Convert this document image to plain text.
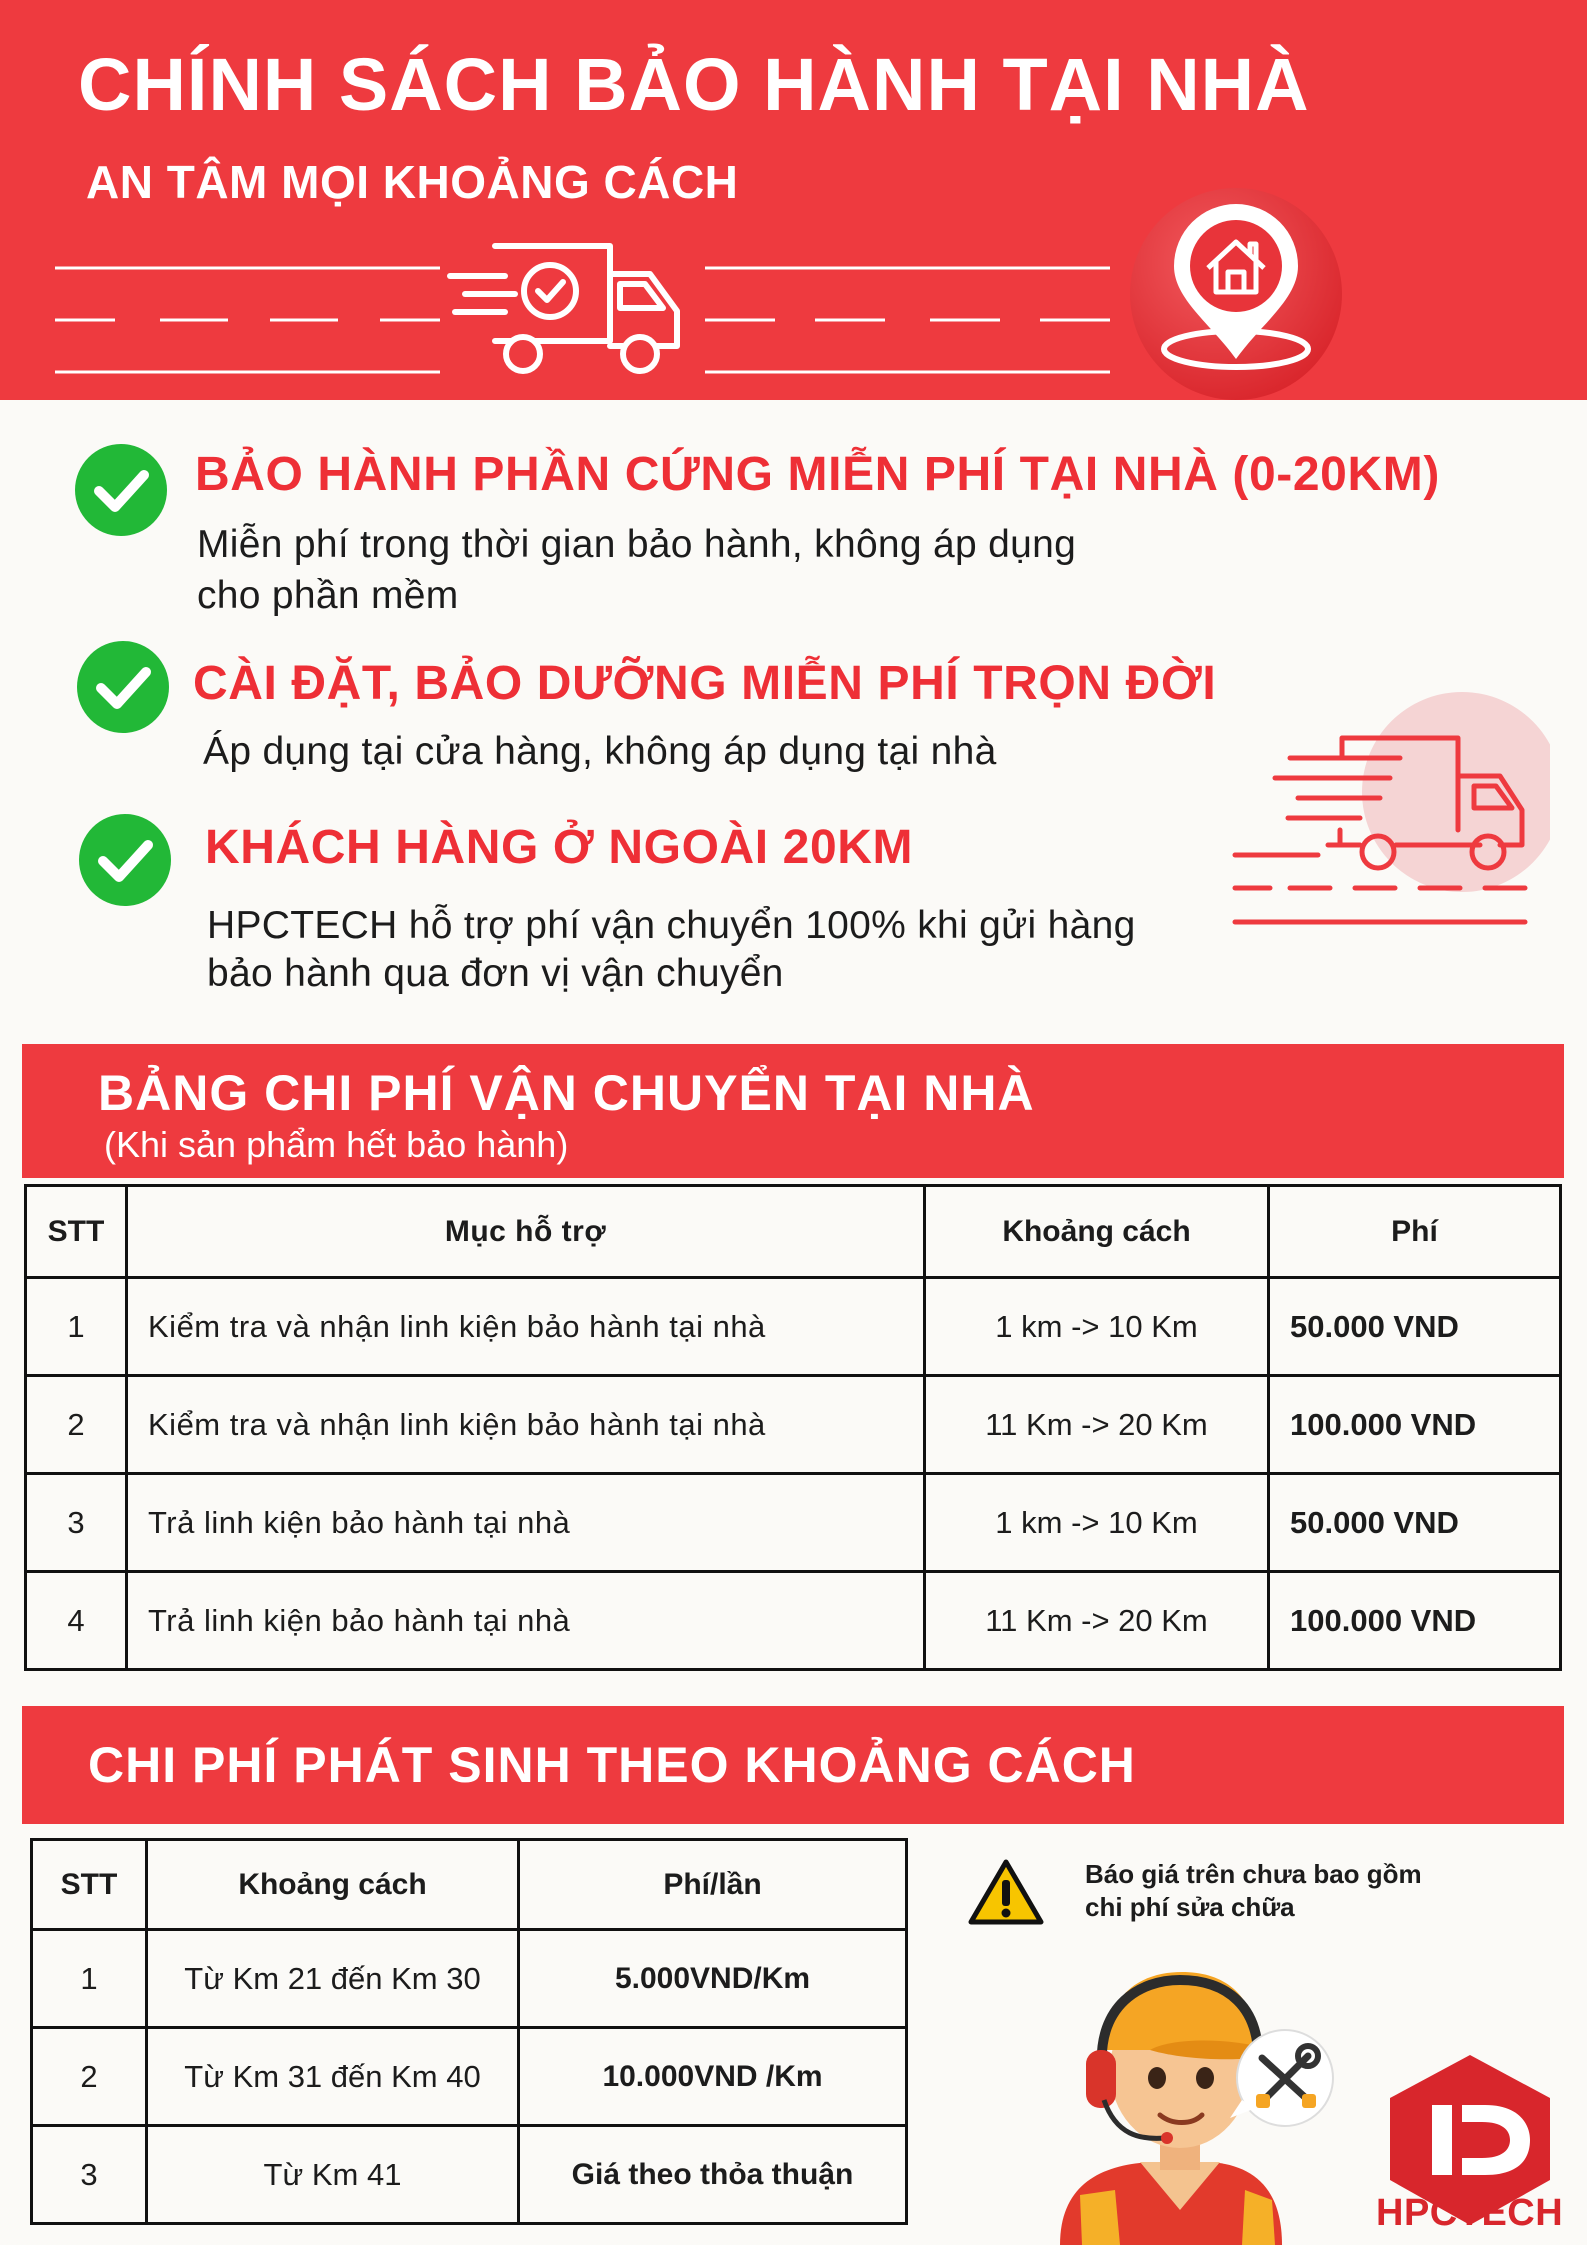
CHÍNH SÁCH BẢO HÀNH TẠI NHÀ
AN TÂM MỌI KHOẢNG CÁCH
BẢO HÀNH PHẦN CỨNG MIỄN PHÍ TẠI NHÀ (0-20KM)
Miễn phí trong thời gian bảo hành, không áp dụng
cho phần mềm
CÀI ĐẶT, BẢO DƯỠNG MIỄN PHÍ TRỌN ĐỜI
Áp dụng tại cửa hàng, không áp dụng tại nhà
KHÁCH HÀNG Ở NGOÀI 20KM
HPCTECH hỗ trợ phí vận chuyển 100% khi gửi hàng
bảo hành qua đơn vị vận chuyển
BẢNG CHI PHÍ VẬN CHUYỂN TẠI NHÀ
(Khi sản phẩm hết bảo hành)
STT	Mục hỗ trợ	Khoảng cách	Phí
1	Kiểm tra và nhận linh kiện bảo hành tại nhà	1 km -> 10 Km	50.000 VND
2	Kiểm tra và nhận linh kiện bảo hành tại nhà	11 Km -> 20 Km	100.000 VND
3	Trả linh kiện bảo hành tại nhà	1 km -> 10 Km	50.000 VND
4	Trả linh kiện bảo hành tại nhà	11 Km -> 20 Km	100.000 VND
CHI PHÍ PHÁT SINH THEO KHOẢNG CÁCH
STT	Khoảng cách	Phí/lần
1	Từ Km 21 đến Km 30	5.000VND/Km
2	Từ Km 31 đến Km 40	10.000VND /Km
3	Từ Km 41	Giá theo thỏa thuận
Báo giá trên chưa bao gồm
chi phí sửa chữa
HPCTECH
